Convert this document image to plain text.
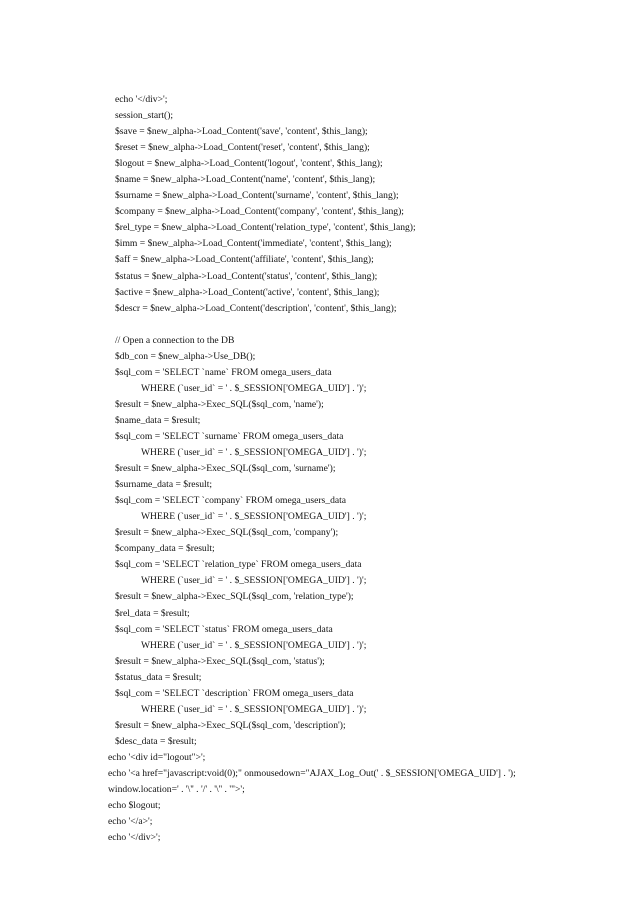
echo '</div>';
session_start();
$save = $new_alpha->Load_Content('save', 'content', $this_lang);
$reset = $new_alpha->Load_Content('reset', 'content', $this_lang);
$logout = $new_alpha->Load_Content('logout', 'content', $this_lang);
$name = $new_alpha->Load_Content('name', 'content', $this_lang);
$surname = $new_alpha->Load_Content('surname', 'content', $this_lang);
$company = $new_alpha->Load_Content('company', 'content', $this_lang);
$rel_type = $new_alpha->Load_Content('relation_type', 'content', $this_lang);
$imm = $new_alpha->Load_Content('immediate', 'content', $this_lang);
$aff = $new_alpha->Load_Content('affiliate', 'content', $this_lang);
$status = $new_alpha->Load_Content('status', 'content', $this_lang);
$active = $new_alpha->Load_Content('active', 'content', $this_lang);
$descr = $new_alpha->Load_Content('description', 'content', $this_lang);
// Open a connection to the DB
$db_con = $new_alpha->Use_DB();
$sql_com = 'SELECT `name` FROM omega_users_data
WHERE (`user_id` = ' . $_SESSION['OMEGA_UID'] . ')';
$result = $new_alpha->Exec_SQL($sql_com, 'name');
$name_data = $result;
$sql_com = 'SELECT `surname` FROM omega_users_data
WHERE (`user_id` = ' . $_SESSION['OMEGA_UID'] . ')';
$result = $new_alpha->Exec_SQL($sql_com, 'surname');
$surname_data = $result;
$sql_com = 'SELECT `company` FROM omega_users_data
WHERE (`user_id` = ' . $_SESSION['OMEGA_UID'] . ')';
$result = $new_alpha->Exec_SQL($sql_com, 'company');
$company_data = $result;
$sql_com = 'SELECT `relation_type` FROM omega_users_data
WHERE (`user_id` = ' . $_SESSION['OMEGA_UID'] . ')';
$result = $new_alpha->Exec_SQL($sql_com, 'relation_type');
$rel_data = $result;
$sql_com = 'SELECT `status` FROM omega_users_data
WHERE (`user_id` = ' . $_SESSION['OMEGA_UID'] . ')';
$result = $new_alpha->Exec_SQL($sql_com, 'status');
$status_data = $result;
$sql_com = 'SELECT `description` FROM omega_users_data
WHERE (`user_id` = ' . $_SESSION['OMEGA_UID'] . ')';
$result = $new_alpha->Exec_SQL($sql_com, 'description');
$desc_data = $result;
echo '<div id="logout">';
echo '<a href="javascript:void(0);" onmousedown="AJAX_Log_Out(' . $_SESSION['OMEGA_UID'] . ');
window.location=' . '\'' . '/' . '\'' . '">';
echo $logout;
echo '</a>';
echo '</div>';
